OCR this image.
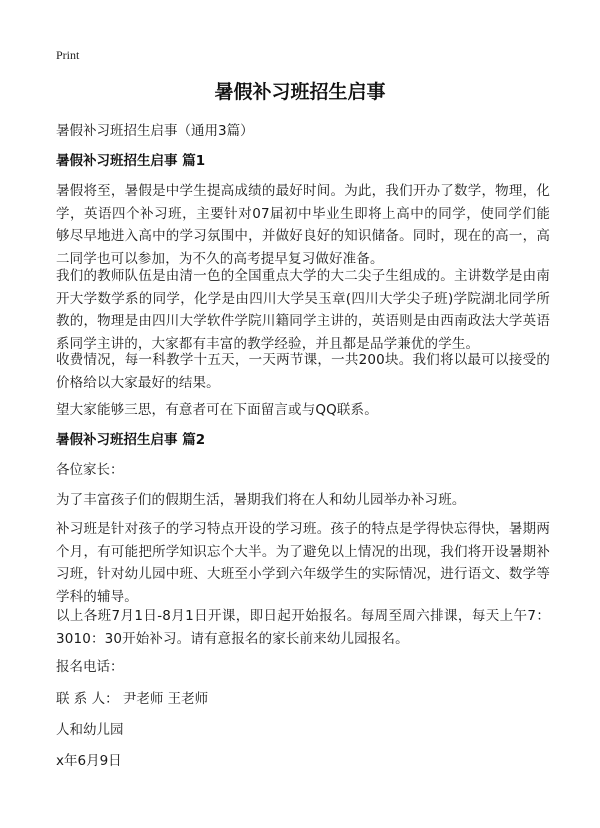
Print
暑假补习班招生启事
暑假补习班招生启事（通用3篇）
暑假补习班招生启事 篇1
暑假将至，暑假是中学生提高成绩的最好时间。为此，我们开办了数学，物理，化学，英语四个补习班，主要针对07届初中毕业生即将上高中的同学，使同学们能够尽早地进入高中的学习氛围中，并做好良好的知识储备。同时，现在的高一，高二同学也可以参加，为不久的高考提早复习做好准备。
我们的教师队伍是由清一色的全国重点大学的大二尖子生组成的。主讲数学是由南开大学数学系的同学，化学是由四川大学吴玉章(四川大学尖子班)学院湖北同学所教的，物理是由四川大学软件学院川籍同学主讲的，英语则是由西南政法大学英语系同学主讲的，大家都有丰富的教学经验，并且都是品学兼优的学生。
收费情况，每一科教学十五天，一天两节课，一共200块。我们将以最可以接受的价格给以大家最好的结果。
望大家能够三思，有意者可在下面留言或与QQ联系。
暑假补习班招生启事 篇2
各位家长：
为了丰富孩子们的假期生活，暑期我们将在人和幼儿园举办补习班。
补习班是针对孩子的学习特点开设的学习班。孩子的特点是学得快忘得快，暑期两个月，有可能把所学知识忘个大半。为了避免以上情况的出现，我们将开设暑期补习班，针对幼儿园中班、大班至小学到六年级学生的实际情况，进行语文、数学等学科的辅导。
以上各班7月1日-8月1日开课，即日起开始报名。每周至周六排课，每天上午7：3010：30开始补习。请有意报名的家长前来幼儿园报名。
报名电话：
联 系 人： 尹老师 王老师
人和幼儿园
x年6月9日
